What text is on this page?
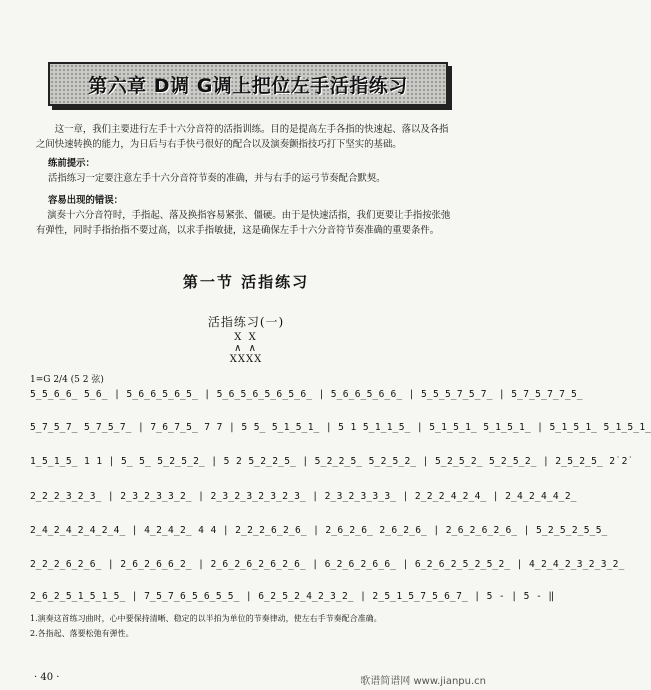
第六章 D调 G调上把位左手活指练习
这一章，我们主要进行左手十六分音符的活指训练。目的是提高左手各指的快速起、落以及各指之间快速转换的能力，为日后与右手快弓很好的配合以及演奏颤指技巧打下坚实的基础。
练前提示：
活指练习一定要注意左手十六分音符节奏的准确，并与右手的运弓节奏配合默契。
容易出现的错误：
演奏十六分音符时，手指起、落及换指容易紧张、僵硬。由于是快速活指，我们更要让手指按张弛有弹性，同时手指抬指不要过高，以求手指敏捷，这是确保左手十六分音符节奏准确的重要条件。
第一节 活指练习
活指练习(一)
X X
∧ ∧
XXXX
1=G 2/4 (5 2 弦)
5̲5̲6̲6̲ 5̲6̲ | 5̲6̲6̲5̲6̲5̲ | 5̲6̲5̲6̲5̲6̲5̲6̲ | 5̲6̲6̲5̲6̲6̲ | 5̲5̲5̲7̲5̲7̲ | 5̲7̲5̲7̲7̲5̲
5̲7̲5̲7̲ 5̲7̲5̲7̲ | 7̲6̲7̲5̲ 7 7 | 5 5̲ 5̲1̲5̲1̲ | 5 1 5̲1̲1̲5̲ | 5̲1̲5̲1̲ 5̲1̲5̲1̲ | 5̲1̲5̲1̲ 5̲1̲5̲1̲
1̲5̲1̲5̲ 1 1 | 5̲ 5̲ 5̲2̲5̲2̲ | 5 2 5̲2̲2̲5̲ | 5̲2̲2̲5̲ 5̲2̲5̲2̲ | 5̲2̲5̲2̲ 5̲2̲5̲2̲ | 2̲5̲2̲5̲ 2̇ 2̇
2̲2̲2̲3̲2̲3̲ | 2̲3̲2̲3̲3̲2̲ | 2̲3̲2̲3̲2̲3̲2̲3̲ | 2̲3̲2̲3̲3̲3̲ | 2̲2̲2̲4̲2̲4̲ | 2̲4̲2̲4̲4̲2̲
2̲4̲2̲4̲2̲4̲2̲4̲ | 4̲2̲4̲2̲ 4 4 | 2̲2̲2̲6̲2̲6̲ | 2̲6̲2̲6̲ 2̲6̲2̲6̲ | 2̲6̲2̲6̲2̲6̲ | 5̲2̲5̲2̲5̲5̲
2̲2̲2̲6̲2̲6̲ | 2̲6̲2̲6̲6̲2̲ | 2̲6̲2̲6̲2̲6̲2̲6̲ | 6̲2̲6̲2̲6̲6̲ | 6̲2̲6̲2̲5̲2̲5̲2̲ | 4̲2̲4̲2̲3̲2̲3̲2̲
2̲6̲2̲5̲1̲5̲1̲5̲ | 7̲5̲7̲6̲5̲6̲5̲5̲ | 6̲2̲5̲2̲4̲2̲3̲2̲ | 2̲5̲1̲5̲7̲5̲6̲7̲ | 5 - | 5 - ‖
1.演奏这首练习曲时，心中要保持清晰、稳定的以半拍为单位的节奏律动，使左右手节奏配合准确。
2.各指起、落要松弛有弹性。
· 40 ·	歌谱简谱网 www.jianpu.cn
